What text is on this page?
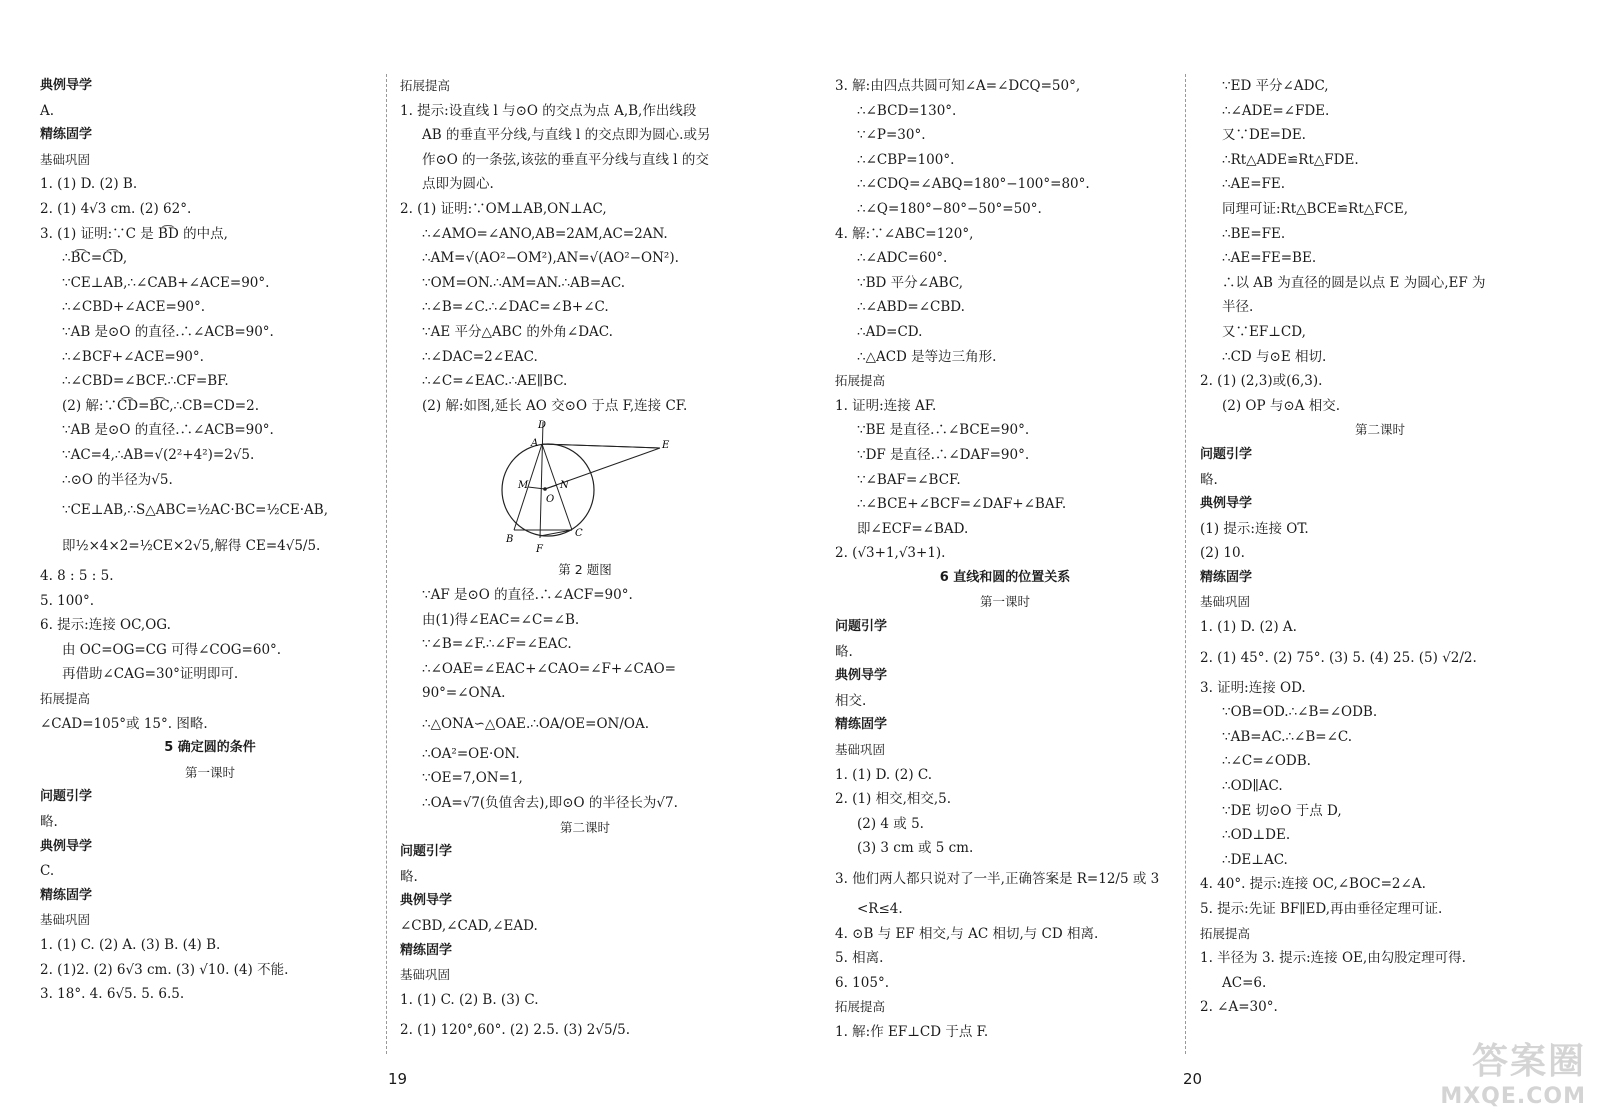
典例导学
A.
精练固学
基础巩固
1. (1) D. (2) B.
2. (1) 4√3 cm. (2) 62°.
3. (1) 证明:∵C 是 B͡D 的中点,
∴B͡C=C͡D,
∵CE⊥AB,∴∠CAB+∠ACE=90°.
∴∠CBD+∠ACE=90°.
∵AB 是⊙O 的直径.∴∠ACB=90°.
∴∠BCF+∠ACE=90°.
∴∠CBD=∠BCF.∴CF=BF.
(2) 解:∵C͡D=B͡C,∴CB=CD=2.
∵AB 是⊙O 的直径.∴∠ACB=90°.
∵AC=4,∴AB=√(2²+4²)=2√5.
∴⊙O 的半径为√5.
∵CE⊥AB,∴S△ABC=½AC·BC=½CE·AB,
即½×4×2=½CE×2√5,解得 CE=4√5/5.
4. 8 : 5 : 5.
5. 100°.
6. 提示:连接 OC,OG.
由 OC=OG=CG 可得∠COG=60°.
再借助∠CAG=30°证明即可.
拓展提高
∠CAD=105°或 15°. 图略.
5 确定圆的条件
第一课时
问题引学
略.
典例导学
C.
精练固学
基础巩固
1. (1) C. (2) A. (3) B. (4) B.
2. (1)2. (2) 6√3 cm. (3) √10. (4) 不能.
3. 18°. 4. 6√5. 5. 6.5.
拓展提高
1. 提示:设直线 l 与⊙O 的交点为点 A,B,作出线段
AB 的垂直平分线,与直线 l 的交点即为圆心.或另
作⊙O 的一条弦,该弦的垂直平分线与直线 l 的交
点即为圆心.
2. (1) 证明:∵OM⊥AB,ON⊥AC,
∴∠AMO=∠ANO,AB=2AM,AC=2AN.
∴AM=√(AO²−OM²),AN=√(AO²−ON²).
∵OM=ON.∴AM=AN.∴AB=AC.
∴∠B=∠C.∴∠DAC=∠B+∠C.
∵AE 平分△ABC 的外角∠DAC.
∴∠DAC=2∠EAC.
∴∠C=∠EAC.∴AE∥BC.
(2) 解:如图,延长 AO 交⊙O 于点 F,连接 CF.
D
A	E
M
O
N
B
C
F
第 2 题图
∵AF 是⊙O 的直径.∴∠ACF=90°.
由(1)得∠EAC=∠C=∠B.
∵∠B=∠F.∴∠F=∠EAC.
∴∠OAE=∠EAC+∠CAO=∠F+∠CAO=
90°=∠ONA.
∴△ONA∽△OAE.∴OA/OE=ON/OA.
∴OA²=OE·ON.
∵OE=7,ON=1,
∴OA=√7(负值舍去),即⊙O 的半径长为√7.
第二课时
问题引学
略.
典例导学
∠CBD,∠CAD,∠EAD.
精练固学
基础巩固
1. (1) C. (2) B. (3) C.
2. (1) 120°,60°. (2) 2.5. (3) 2√5/5.
3. 解:由四点共圆可知∠A=∠DCQ=50°,
∴∠BCD=130°.
∵∠P=30°.
∴∠CBP=100°.
∴∠CDQ=∠ABQ=180°−100°=80°.
∴∠Q=180°−80°−50°=50°.
4. 解:∵∠ABC=120°,
∴∠ADC=60°.
∵BD 平分∠ABC,
∴∠ABD=∠CBD.
∴AD=CD.
∴△ACD 是等边三角形.
拓展提高
1. 证明:连接 AF.
∵BE 是直径.∴∠BCE=90°.
∵DF 是直径.∴∠DAF=90°.
∵∠BAF=∠BCF.
∴∠BCE+∠BCF=∠DAF+∠BAF.
即∠ECF=∠BAD.
2. (√3+1,√3+1).
6 直线和圆的位置关系
第一课时
问题引学
略.
典例导学
相交.
精练固学
基础巩固
1. (1) D. (2) C.
2. (1) 相交,相交,5.
(2) 4 或 5.
(3) 3 cm 或 5 cm.
3. 他们两人都只说对了一半,正确答案是 R=12/5 或 3
<R≤4.
4. ⊙B 与 EF 相交,与 AC 相切,与 CD 相离.
5. 相离.
6. 105°.
拓展提高
1. 解:作 EF⊥CD 于点 F.
∵ED 平分∠ADC,
∴∠ADE=∠FDE.
又∵DE=DE.
∴Rt△ADE≌Rt△FDE.
∴AE=FE.
同理可证:Rt△BCE≌Rt△FCE,
∴BE=FE.
∴AE=FE=BE.
∴以 AB 为直径的圆是以点 E 为圆心,EF 为
半径.
又∵EF⊥CD,
∴CD 与⊙E 相切.
2. (1) (2,3)或(6,3).
(2) OP 与⊙A 相交.
第二课时
问题引学
略.
典例导学
(1) 提示:连接 OT.
(2) 10.
精练固学
基础巩固
1. (1) D. (2) A.
2. (1) 45°. (2) 75°. (3) 5. (4) 25. (5) √2/2.
3. 证明:连接 OD.
∵OB=OD.∴∠B=∠ODB.
∵AB=AC.∴∠B=∠C.
∴∠C=∠ODB.
∴OD∥AC.
∵DE 切⊙O 于点 D,
∴OD⊥DE.
∴DE⊥AC.
4. 40°. 提示:连接 OC,∠BOC=2∠A.
5. 提示:先证 BF∥ED,再由垂径定理可证.
拓展提高
1. 半径为 3. 提示:连接 OE,由勾股定理可得.
AC=6.
2. ∠A=30°.
19	20	答案圈
MXQE.COM
